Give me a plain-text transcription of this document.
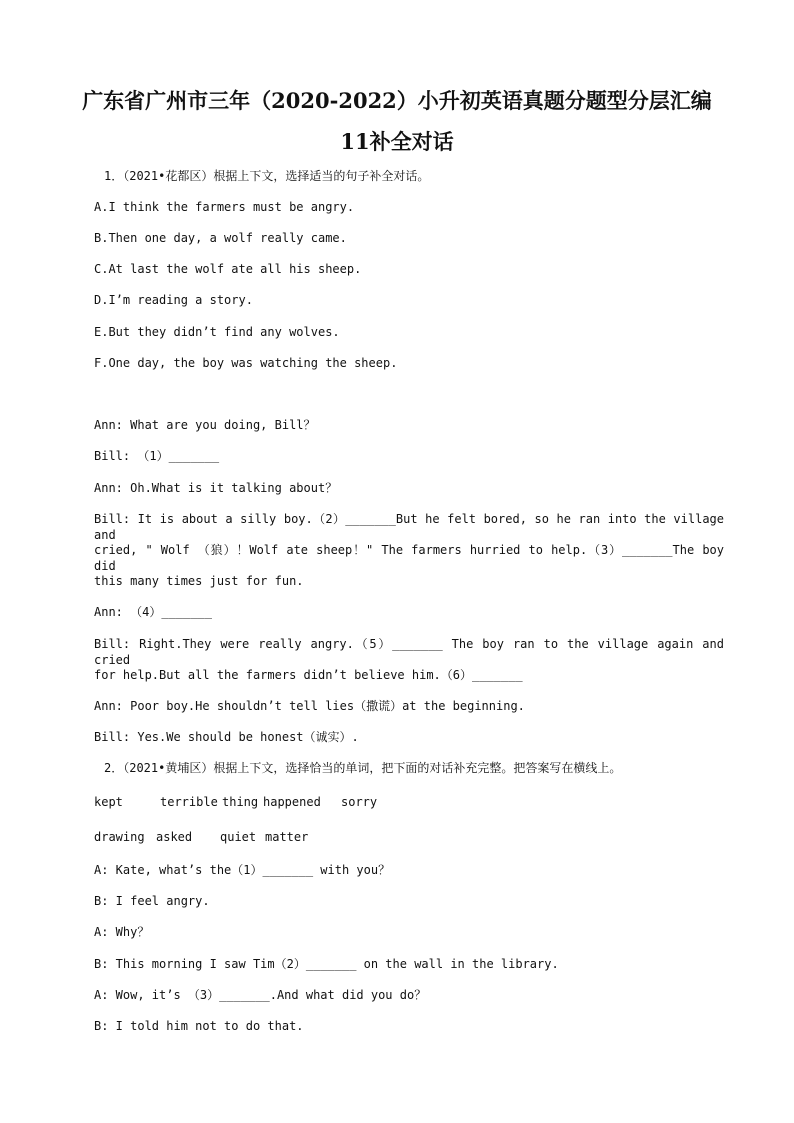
广东省广州市三年（2020-2022）小升初英语真题分题型分层汇编
11补全对话
1．（2021•花都区）根据上下文，选择适当的句子补全对话。
A.I think the farmers must be angry.
B.Then one day, a wolf really came.
C.At last the wolf ate all his sheep.
D.I’m reading a story.
E.But they didn’t find any wolves.
F.One day, the boy was watching the sheep.
Ann: What are you doing, Bill？
Bill: （1）_______
Ann: Oh.What is it talking about？
Bill: It is about a silly boy.（2）_______But he felt bored, so he ran into the village and
cried, " Wolf （狼）！Wolf ate sheep！" The farmers hurried to help.（3）_______The boy did
this many times just for fun.
Ann: （4）_______
Bill: Right.They were really angry.（5）_______ The boy ran to the village again and cried
for help.But all the farmers didn’t believe him.（6）_______
Ann: Poor boy.He shouldn’t tell lies（撒谎）at the beginning.
Bill: Yes.We should be honest（诚实）.
2．（2021•黄埔区）根据上下文，选择恰当的单词，把下面的对话补充完整。把答案写在横线上。
kept	terrible thing happened sorry
drawing asked quiet matter
A: Kate, what’s the（1）_______ with you？
B: I feel angry.
A: Why？
B: This morning I saw Tim（2）_______ on the wall in the library.
A: Wow, it’s （3）_______.And what did you do？
B: I told him not to do that.
